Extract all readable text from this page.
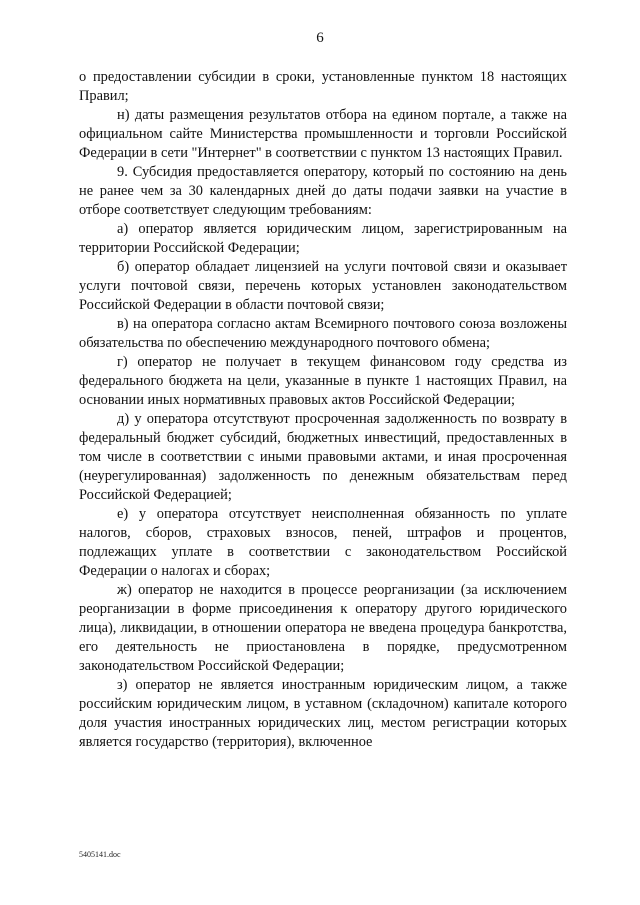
6

о предоставлении субсидии в сроки, установленные пунктом 18 настоящих Правил;

н) даты размещения результатов отбора на едином портале, а также на официальном сайте Министерства промышленности и торговли Российской Федерации в сети "Интернет" в соответствии с пунктом 13 настоящих Правил.

9. Субсидия предоставляется оператору, который по состоянию на день не ранее чем за 30 календарных дней до даты подачи заявки на участие в отборе соответствует следующим требованиям:

а) оператор является юридическим лицом, зарегистрированным на территории Российской Федерации;

б) оператор обладает лицензией на услуги почтовой связи и оказывает услуги почтовой связи, перечень которых установлен законодательством Российской Федерации в области почтовой связи;

в) на оператора согласно актам Всемирного почтового союза возложены обязательства по обеспечению международного почтового обмена;

г) оператор не получает в текущем финансовом году средства из федерального бюджета на цели, указанные в пункте 1 настоящих Правил, на основании иных нормативных правовых актов Российской Федерации;

д) у оператора отсутствуют просроченная задолженность по возврату в федеральный бюджет субсидий, бюджетных инвестиций, предоставленных в том числе в соответствии с иными правовыми актами, и иная просроченная (неурегулированная) задолженность по денежным обязательствам перед Российской Федерацией;

е) у оператора отсутствует неисполненная обязанность по уплате налогов, сборов, страховых взносов, пеней, штрафов и процентов, подлежащих уплате в соответствии с законодательством Российской Федерации о налогах и сборах;

ж) оператор не находится в процессе реорганизации (за исключением реорганизации в форме присоединения к оператору другого юридического лица), ликвидации, в отношении оператора не введена процедура банкротства, его деятельность не приостановлена в порядке, предусмотренном законодательством Российской Федерации;

з) оператор не является иностранным юридическим лицом, а также российским юридическим лицом, в уставном (складочном) капитале которого доля участия иностранных юридических лиц, местом регистрации которых является государство (территория), включенное

5405141.doc
